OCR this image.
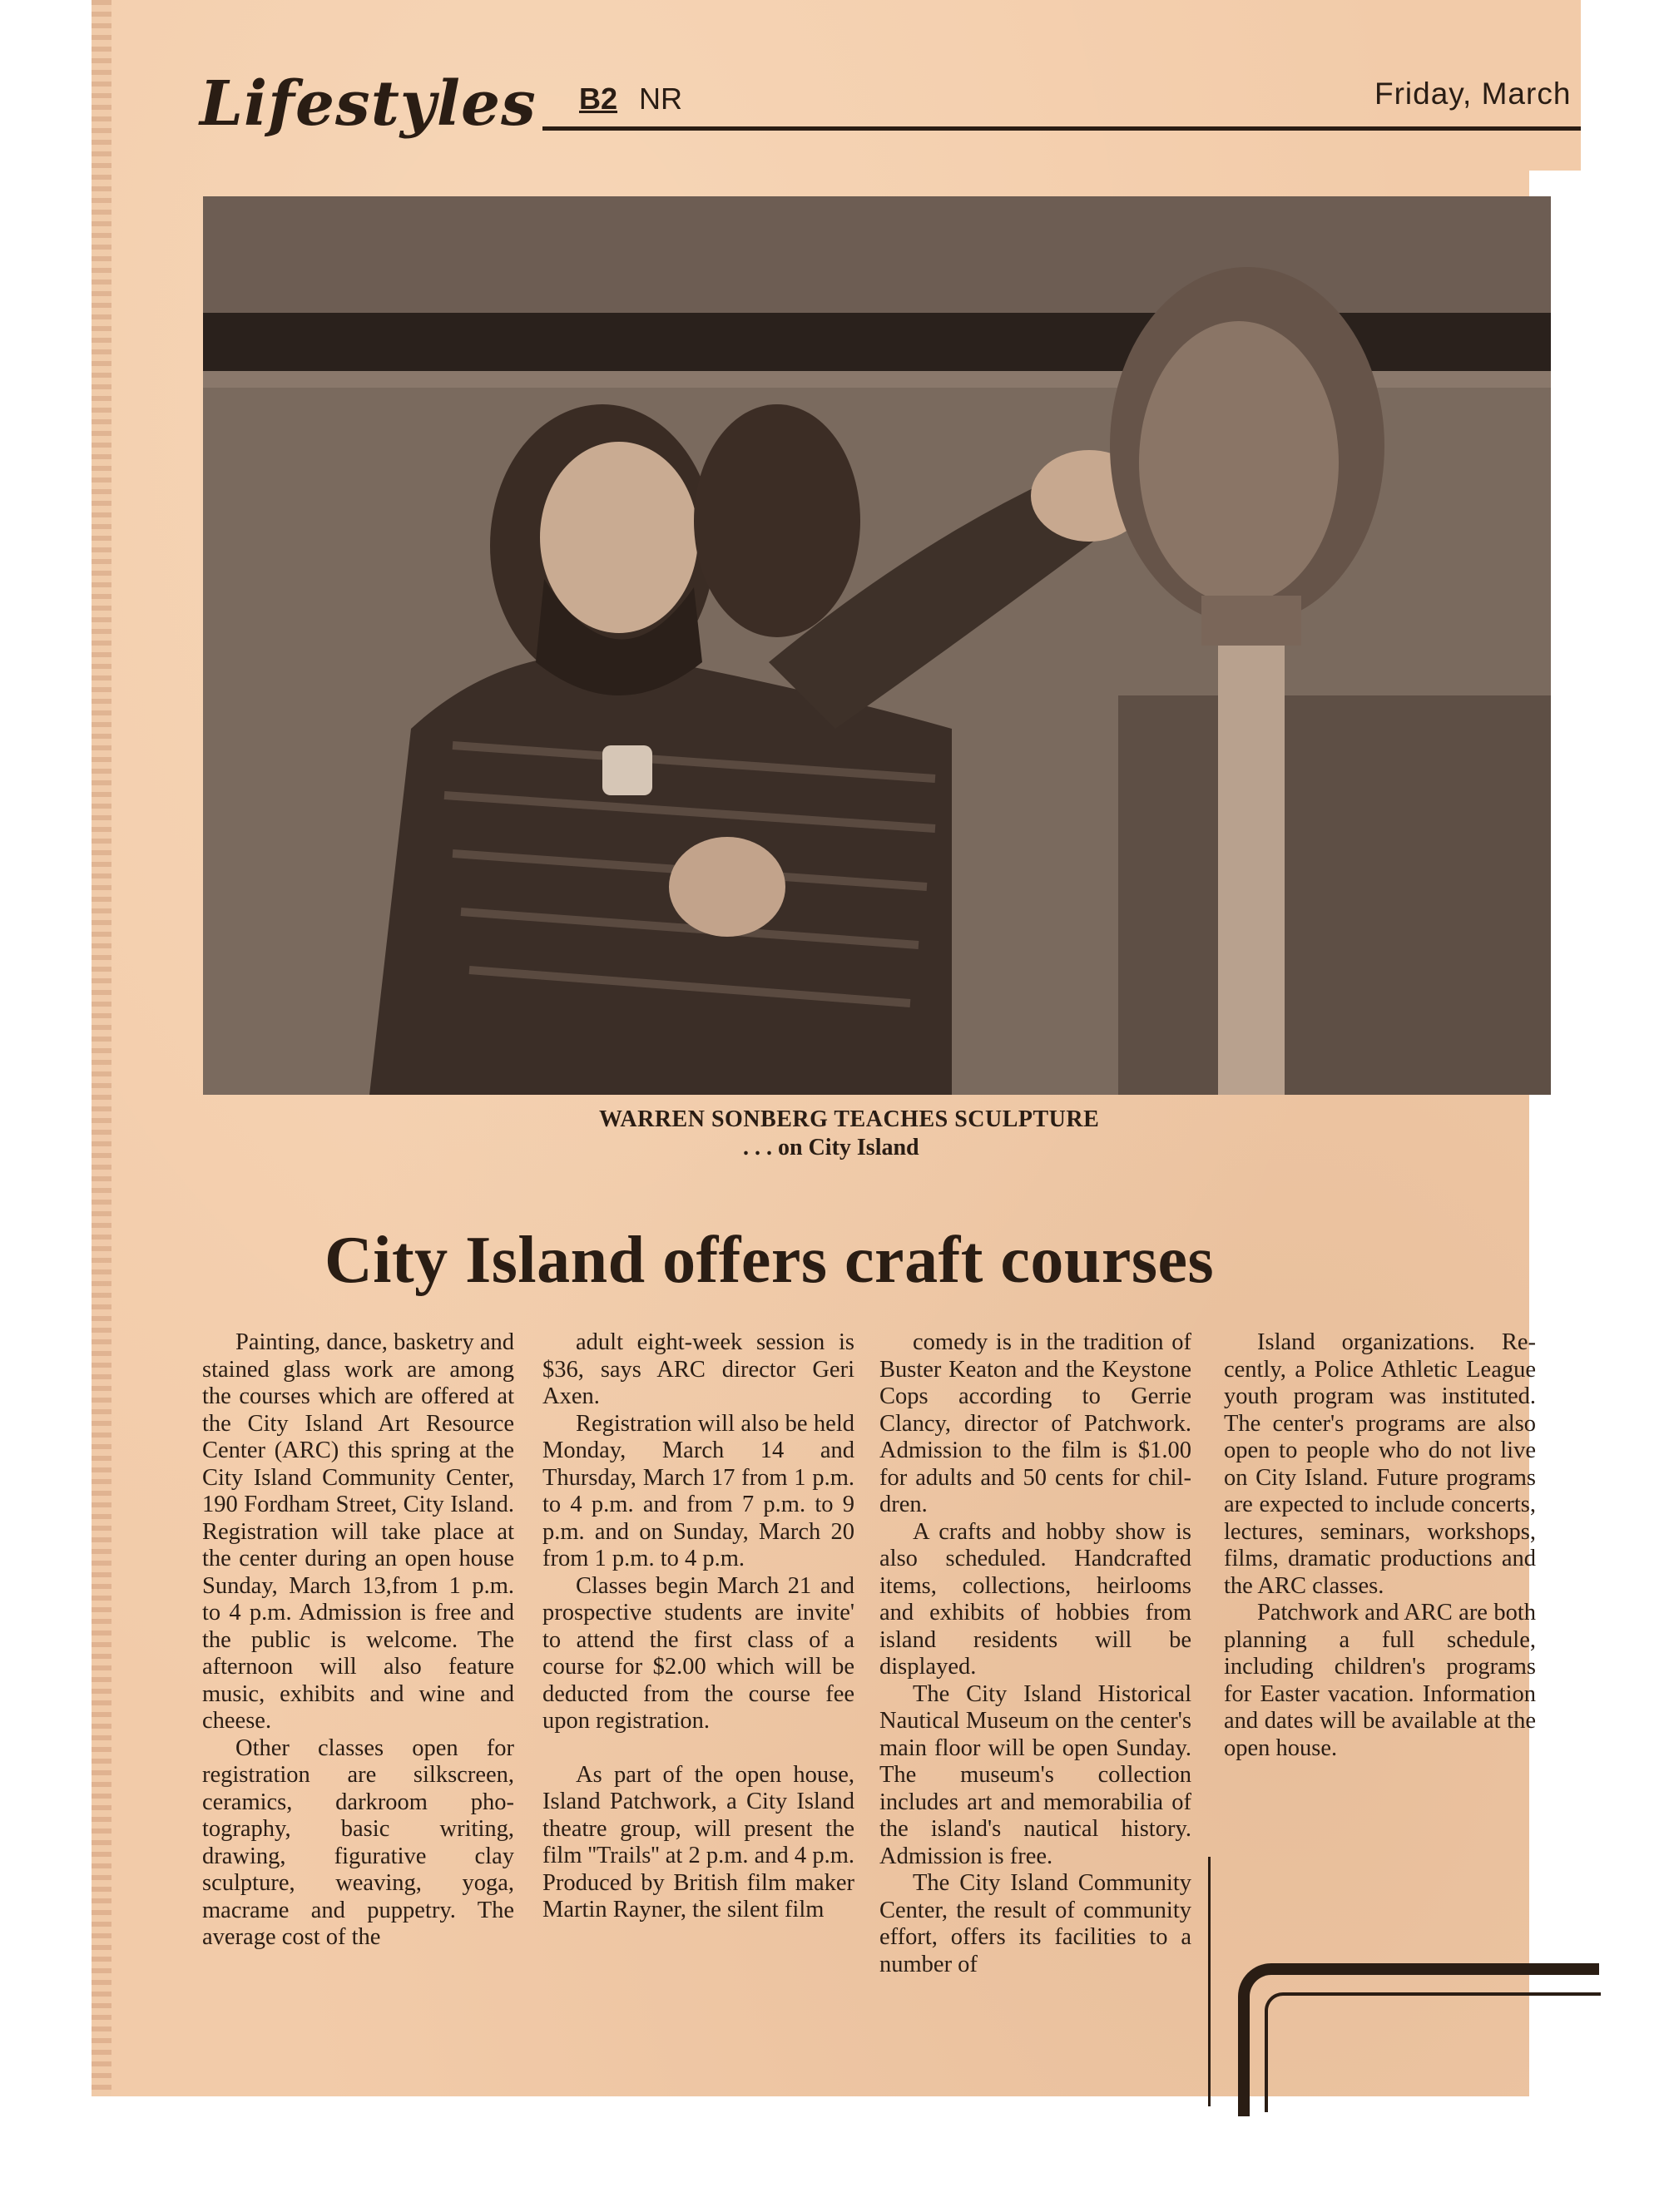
Lifestyles B2 NR	Friday, March
WARREN SONBERG TEACHES SCULPTURE
. . . on City Island
City Island offers craft courses

Painting, dance, basketry and stained glass work are among the courses which are offered at the City Island Art Resource Center (ARC) this spring at the City Island Community Center, 190 Fordham Street, City Island. Registration will take place at the center during an open house Sunday, March 13,from 1 p.m. to 4 p.m. Admission is free and the public is welcome. The afternoon will also feature music, exhibits and wine and cheese.

Other classes open for registration are silkscreen, ceramics, darkroom photography, basic writing, drawing, figurative clay sculpture, weaving, yoga, macrame and puppetry. The average cost of the

adult eight-week session is $36, says ARC director Geri Axen.

Registration will also be held Monday, March 14 and Thursday, March 17 from 1 p.m. to 4 p.m. and from 7 p.m. to 9 p.m. and on Sunday, March 20 from 1 p.m. to 4 p.m.

Classes begin March 21 and prospective students are invite' to attend the first class of a course for $2.00 which will be deducted from the course fee upon registration.

As part of the open house, Island Patchwork, a City Island theatre group, will present the film ''Trails'' at 2 p.m. and 4 p.m. Produced by British film maker Martin Rayner, the silent film

comedy is in the tradition of Buster Keaton and the Keystone Cops according to Gerrie Clancy, director of Patchwork. Admission to the film is $1.00 for adults and 50 cents for children.

A crafts and hobby show is also scheduled. Handcrafted items, collections, heirlooms and exhibits of hobbies from island residents will be displayed.

The City Island Historical Nautical Museum on the center's main floor will be open Sunday. The museum's collection includes art and memorabilia of the island's nautical history. Admission is free.

The City Island Community Center, the result of community effort, offers its facilities to a number of

Island organizations. Recently, a Police Athletic League youth program was instituted. The center's programs are also open to people who do not live on City Island. Future programs are expected to include concerts, lectures, seminars, workshops, films, dramatic productions and the ARC classes.

Patchwork and ARC are both planning a full schedule, including children's programs for Easter vacation. Information and dates will be available at the open house.
